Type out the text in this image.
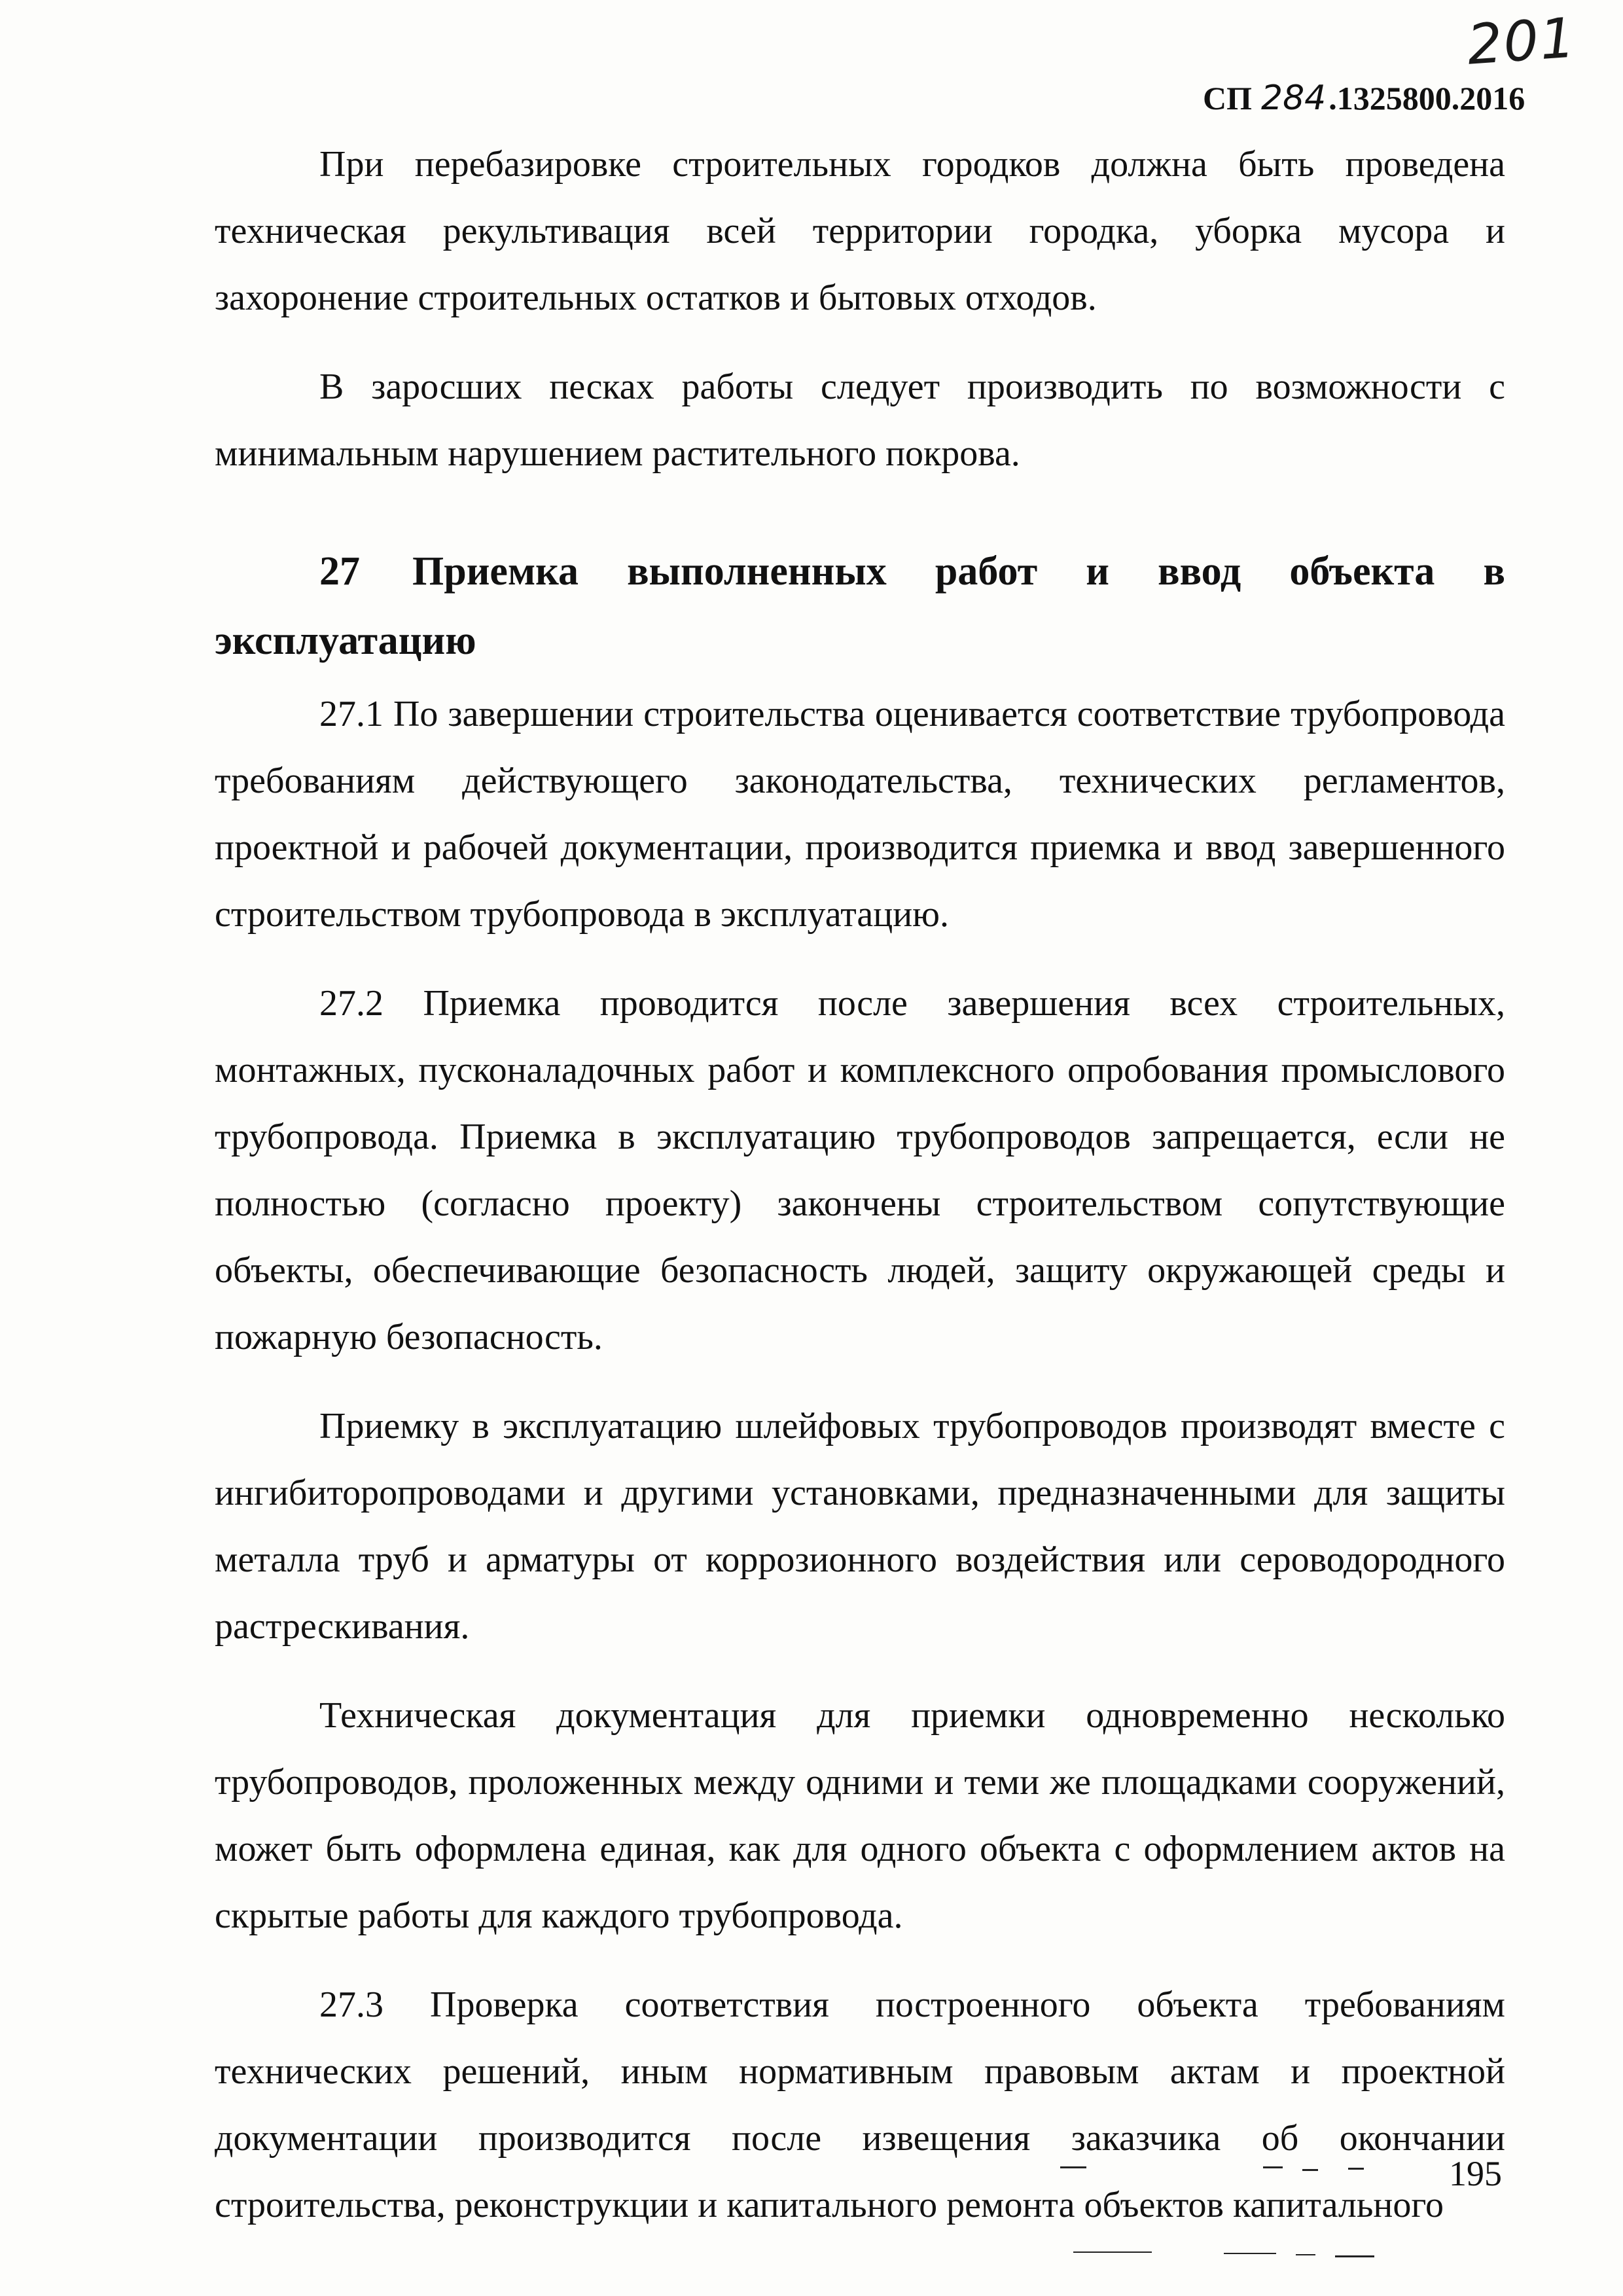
201
СП 284.1325800.2016

При перебазировке строительных городков должна быть проведена техническая рекультивация всей территории городка, уборка мусора и захоронение строительных остатков и бытовых отходов.

В заросших песках работы следует производить по возможности с минимальным нарушением растительного покрова.

27 Приемка выполненных работ и ввод объекта в эксплуатацию

27.1 По завершении строительства оценивается соответствие трубопровода требованиям действующего законодательства, технических регламентов, проектной и рабочей документации, производится приемка и ввод завершенного строительством трубопровода в эксплуатацию.

27.2 Приемка проводится после завершения всех строительных, монтажных, пусконаладочных работ и комплексного опробования промыслового трубопровода. Приемка в эксплуатацию трубопроводов запрещается, если не полностью (согласно проекту) закончены строительством сопутствующие объекты, обеспечивающие безопасность людей, защиту окружающей среды и пожарную безопасность.

Приемку в эксплуатацию шлейфовых трубопроводов производят вместе с ингибиторопроводами и другими установками, предназначенными для защиты металла труб и арматуры от коррозионного воздействия или сероводородного растрескивания.

Техническая документация для приемки одновременно несколько трубопроводов, проложенных между одними и теми же площадками сооружений, может быть оформлена единая, как для одного объекта с оформлением актов на скрытые работы для каждого трубопровода.

27.3 Проверка соответствия построенного объекта требованиям технических решений, иным нормативным правовым актам и проектной документации производится после извещения заказчика об окончании строительства, реконструкции и капитального ремонта объектов капитального

195
